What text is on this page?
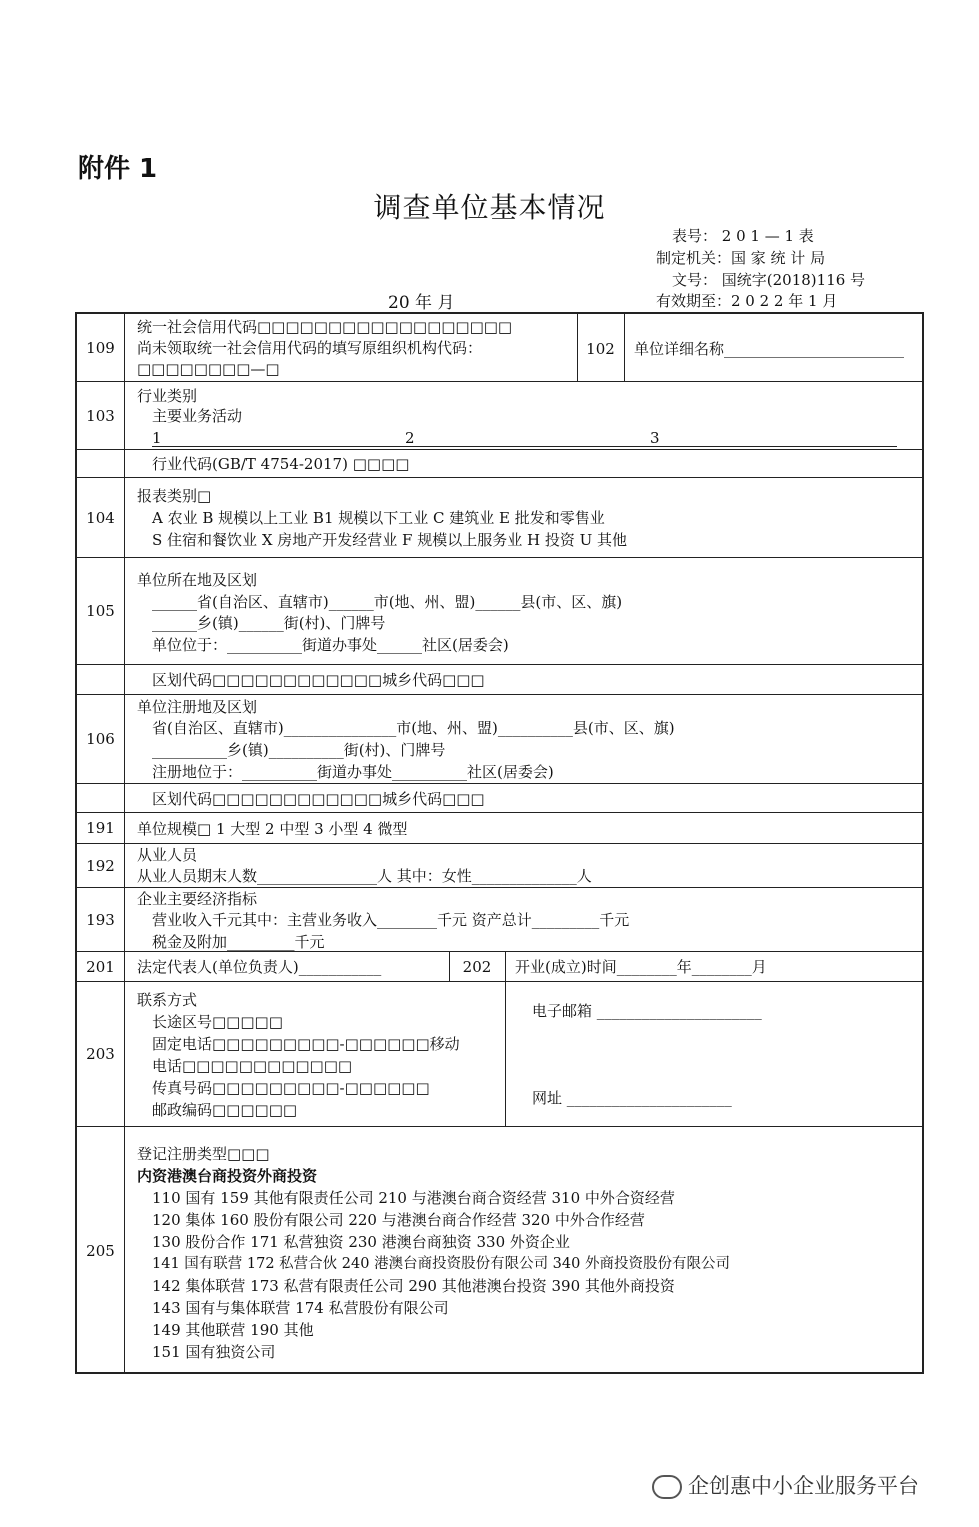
附件 1
调查单位基本情况
表号： 2 0 1 — 1 表
制定机关：国 家 统 计 局
文号： 国统字(2018)116 号
有效期至：2 0 2 2 年 1 月
20 年 月
109
统一社会信用代码□□□□□□□□□□□□□□□□□□
尚未领取统一社会信用代码的填写原组织机构代码：
□□□□□□□□—□
102	单位详细名称________________________
103
行业类别
主要业务活动
1	2	3
行业代码(GB/T 4754-2017) □□□□
104
报表类别□
A 农业 B 规模以上工业 B1 规模以下工业 C 建筑业 E 批发和零售业
S 住宿和餐饮业 X 房地产开发经营业 F 规模以上服务业 H 投资 U 其他
105
单位所在地及区划
______省(自治区、直辖市)______市(地、州、盟)______县(市、区、旗)
______乡(镇)______街(村)、门牌号
单位位于：__________街道办事处______社区(居委会)
区划代码□□□□□□□□□□□□城乡代码□□□
106
单位注册地及区划
省(自治区、直辖市)_______________市(地、州、盟)__________县(市、区、旗)
__________乡(镇)__________街(村)、门牌号
注册地位于：__________街道办事处__________社区(居委会)
区划代码□□□□□□□□□□□□城乡代码□□□
191	单位规模□ 1 大型 2 中型 3 小型 4 微型
192
从业人员
从业人员期末人数________________人 其中：女性______________人
193
企业主要经济指标
营业收入千元其中：主营业务收入________千元 资产总计_________千元
税金及附加_________千元
201	法定代表人(单位负责人)___________	202	开业(成立)时间________年________月
203
联系方式
长途区号□□□□□
固定电话□□□□□□□□□-□□□□□□移动
电话□□□□□□□□□□□□
传真号码□□□□□□□□□-□□□□□□
邮政编码□□□□□□
电子邮箱 ______________________
网址 ______________________
205
登记注册类型□□□
内资港澳台商投资外商投资
110 国有 159 其他有限责任公司 210 与港澳台商合资经营 310 中外合资经营
120 集体 160 股份有限公司 220 与港澳台商合作经营 320 中外合作经营
130 股份合作 171 私营独资 230 港澳台商独资 330 外资企业
141 国有联营 172 私营合伙 240 港澳台商投资股份有限公司 340 外商投资股份有限公司
142 集体联营 173 私营有限责任公司 290 其他港澳台投资 390 其他外商投资
143 国有与集体联营 174 私营股份有限公司
149 其他联营 190 其他
151 国有独资公司
企创惠中小企业服务平台
